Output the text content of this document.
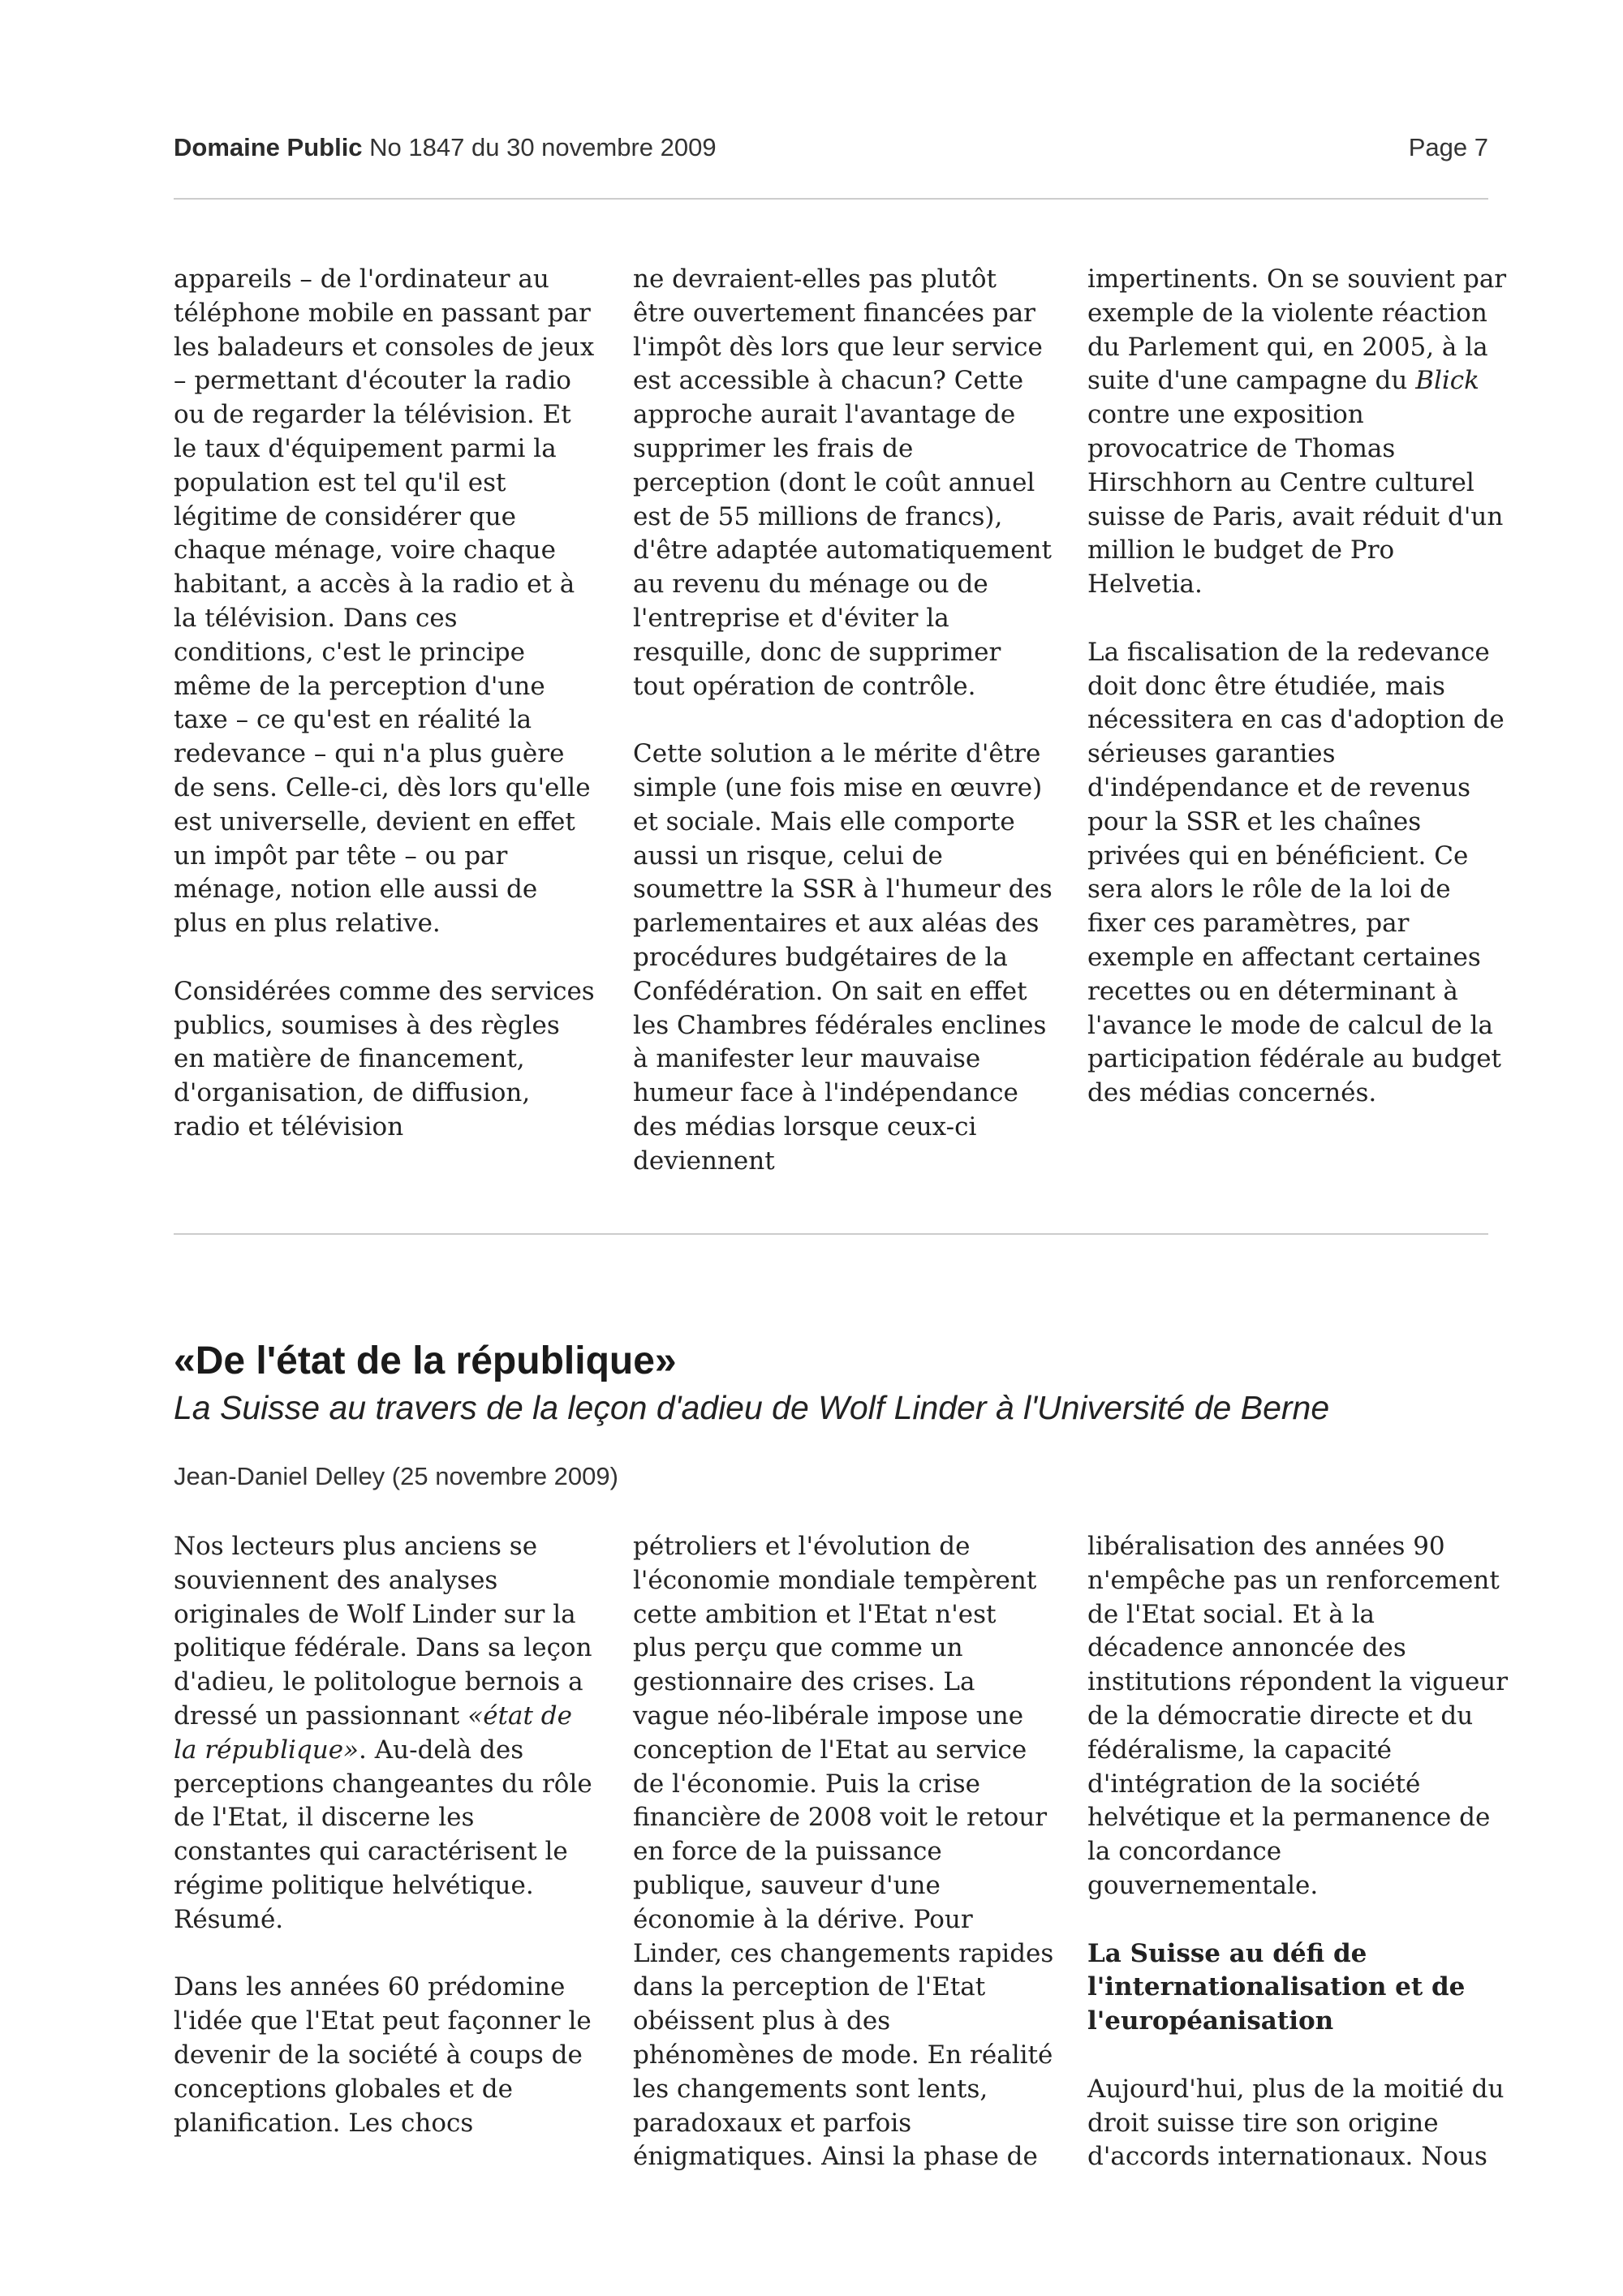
Domaine Public No 1847 du 30 novembre 2009	Page 7

appareils – de l'ordinateur au téléphone mobile en passant par les baladeurs et consoles de jeux – permettant d'écouter la radio ou de regarder la télévision. Et le taux d'équipement parmi la population est tel qu'il est légitime de considérer que chaque ménage, voire chaque habitant, a accès à la radio et à la télévision. Dans ces conditions, c'est le principe même de la perception d'une taxe – ce qu'est en réalité la redevance – qui n'a plus guère de sens. Celle-ci, dès lors qu'elle est universelle, devient en effet un impôt par tête – ou par ménage, notion elle aussi de plus en plus relative.

Considérées comme des services publics, soumises à des règles en matière de financement, d'organisation, de diffusion, radio et télévision

ne devraient-elles pas plutôt être ouvertement financées par l'impôt dès lors que leur service est accessible à chacun? Cette approche aurait l'avantage de supprimer les frais de perception (dont le coût annuel est de 55 millions de francs), d'être adaptée automatiquement au revenu du ménage ou de l'entreprise et d'éviter la resquille, donc de supprimer tout opération de contrôle.

Cette solution a le mérite d'être simple (une fois mise en œuvre) et sociale. Mais elle comporte aussi un risque, celui de soumettre la SSR à l'humeur des parlementaires et aux aléas des procédures budgétaires de la Confédération. On sait en effet les Chambres fédérales enclines à manifester leur mauvaise humeur face à l'indépendance des médias lorsque ceux-ci deviennent

impertinents. On se souvient par exemple de la violente réaction du Parlement qui, en 2005, à la suite d'une campagne du Blick contre une exposition provocatrice de Thomas Hirschhorn au Centre culturel suisse de Paris, avait réduit d'un million le budget de Pro Helvetia.

La fiscalisation de la redevance doit donc être étudiée, mais nécessitera en cas d'adoption de sérieuses garanties d'indépendance et de revenus pour la SSR et les chaînes privées qui en bénéficient. Ce sera alors le rôle de la loi de fixer ces paramètres, par exemple en affectant certaines recettes ou en déterminant à l'avance le mode de calcul de la participation fédérale au budget des médias concernés.

«De l'état de la république»
La Suisse au travers de la leçon d'adieu de Wolf Linder à l'Université de Berne
Jean-Daniel Delley (25 novembre 2009)

Nos lecteurs plus anciens se souviennent des analyses originales de Wolf Linder sur la politique fédérale. Dans sa leçon d'adieu, le politologue bernois a dressé un passionnant «état de la république». Au-delà des perceptions changeantes du rôle de l'Etat, il discerne les constantes qui caractérisent le régime politique helvétique. Résumé.

Dans les années 60 prédomine l'idée que l'Etat peut façonner le devenir de la société à coups de conceptions globales et de planification. Les chocs

pétroliers et l'évolution de l'économie mondiale tempèrent cette ambition et l'Etat n'est plus perçu que comme un gestionnaire des crises. La vague néo-libérale impose une conception de l'Etat au service de l'économie. Puis la crise financière de 2008 voit le retour en force de la puissance publique, sauveur d'une économie à la dérive. Pour Linder, ces changements rapides dans la perception de l'Etat obéissent plus à des phénomènes de mode. En réalité les changements sont lents, paradoxaux et parfois énigmatiques. Ainsi la phase de

libéralisation des années 90 n'empêche pas un renforcement de l'Etat social. Et à la décadence annoncée des institutions répondent la vigueur de la démocratie directe et du fédéralisme, la capacité d'intégration de la société helvétique et la permanence de la concordance gouvernementale.

La Suisse au défi de l'internationalisation et de l'européanisation

Aujourd'hui, plus de la moitié du droit suisse tire son origine d'accords internationaux. Nous
